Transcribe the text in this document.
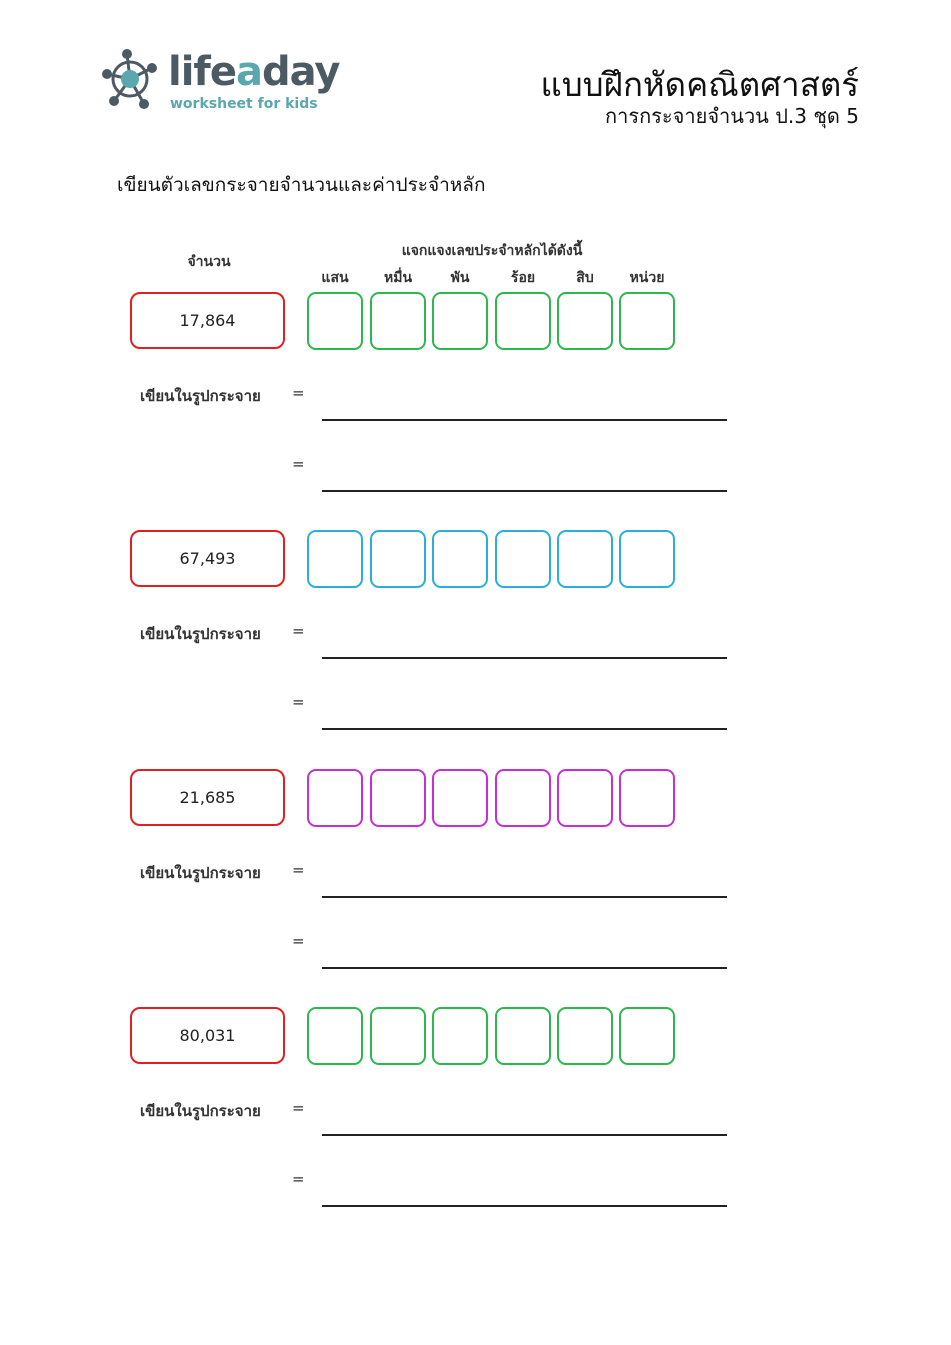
lifeaday
worksheet for kids	แบบฝึกหัดคณิตศาสตร์
การกระจายจำนวน ป.3 ชุด 5
เขียนตัวเลขกระจายจำนวนและค่าประจำหลัก
จำนวน
แจกแจงเลขประจำหลักได้ดังนี้
แสน	หมื่น	พัน	ร้อย	สิบ	หน่วย
17,864
เขียนในรูปกระจาย =
=
67,493
เขียนในรูปกระจาย =
=
21,685
เขียนในรูปกระจาย =
=
80,031
เขียนในรูปกระจาย =
=
